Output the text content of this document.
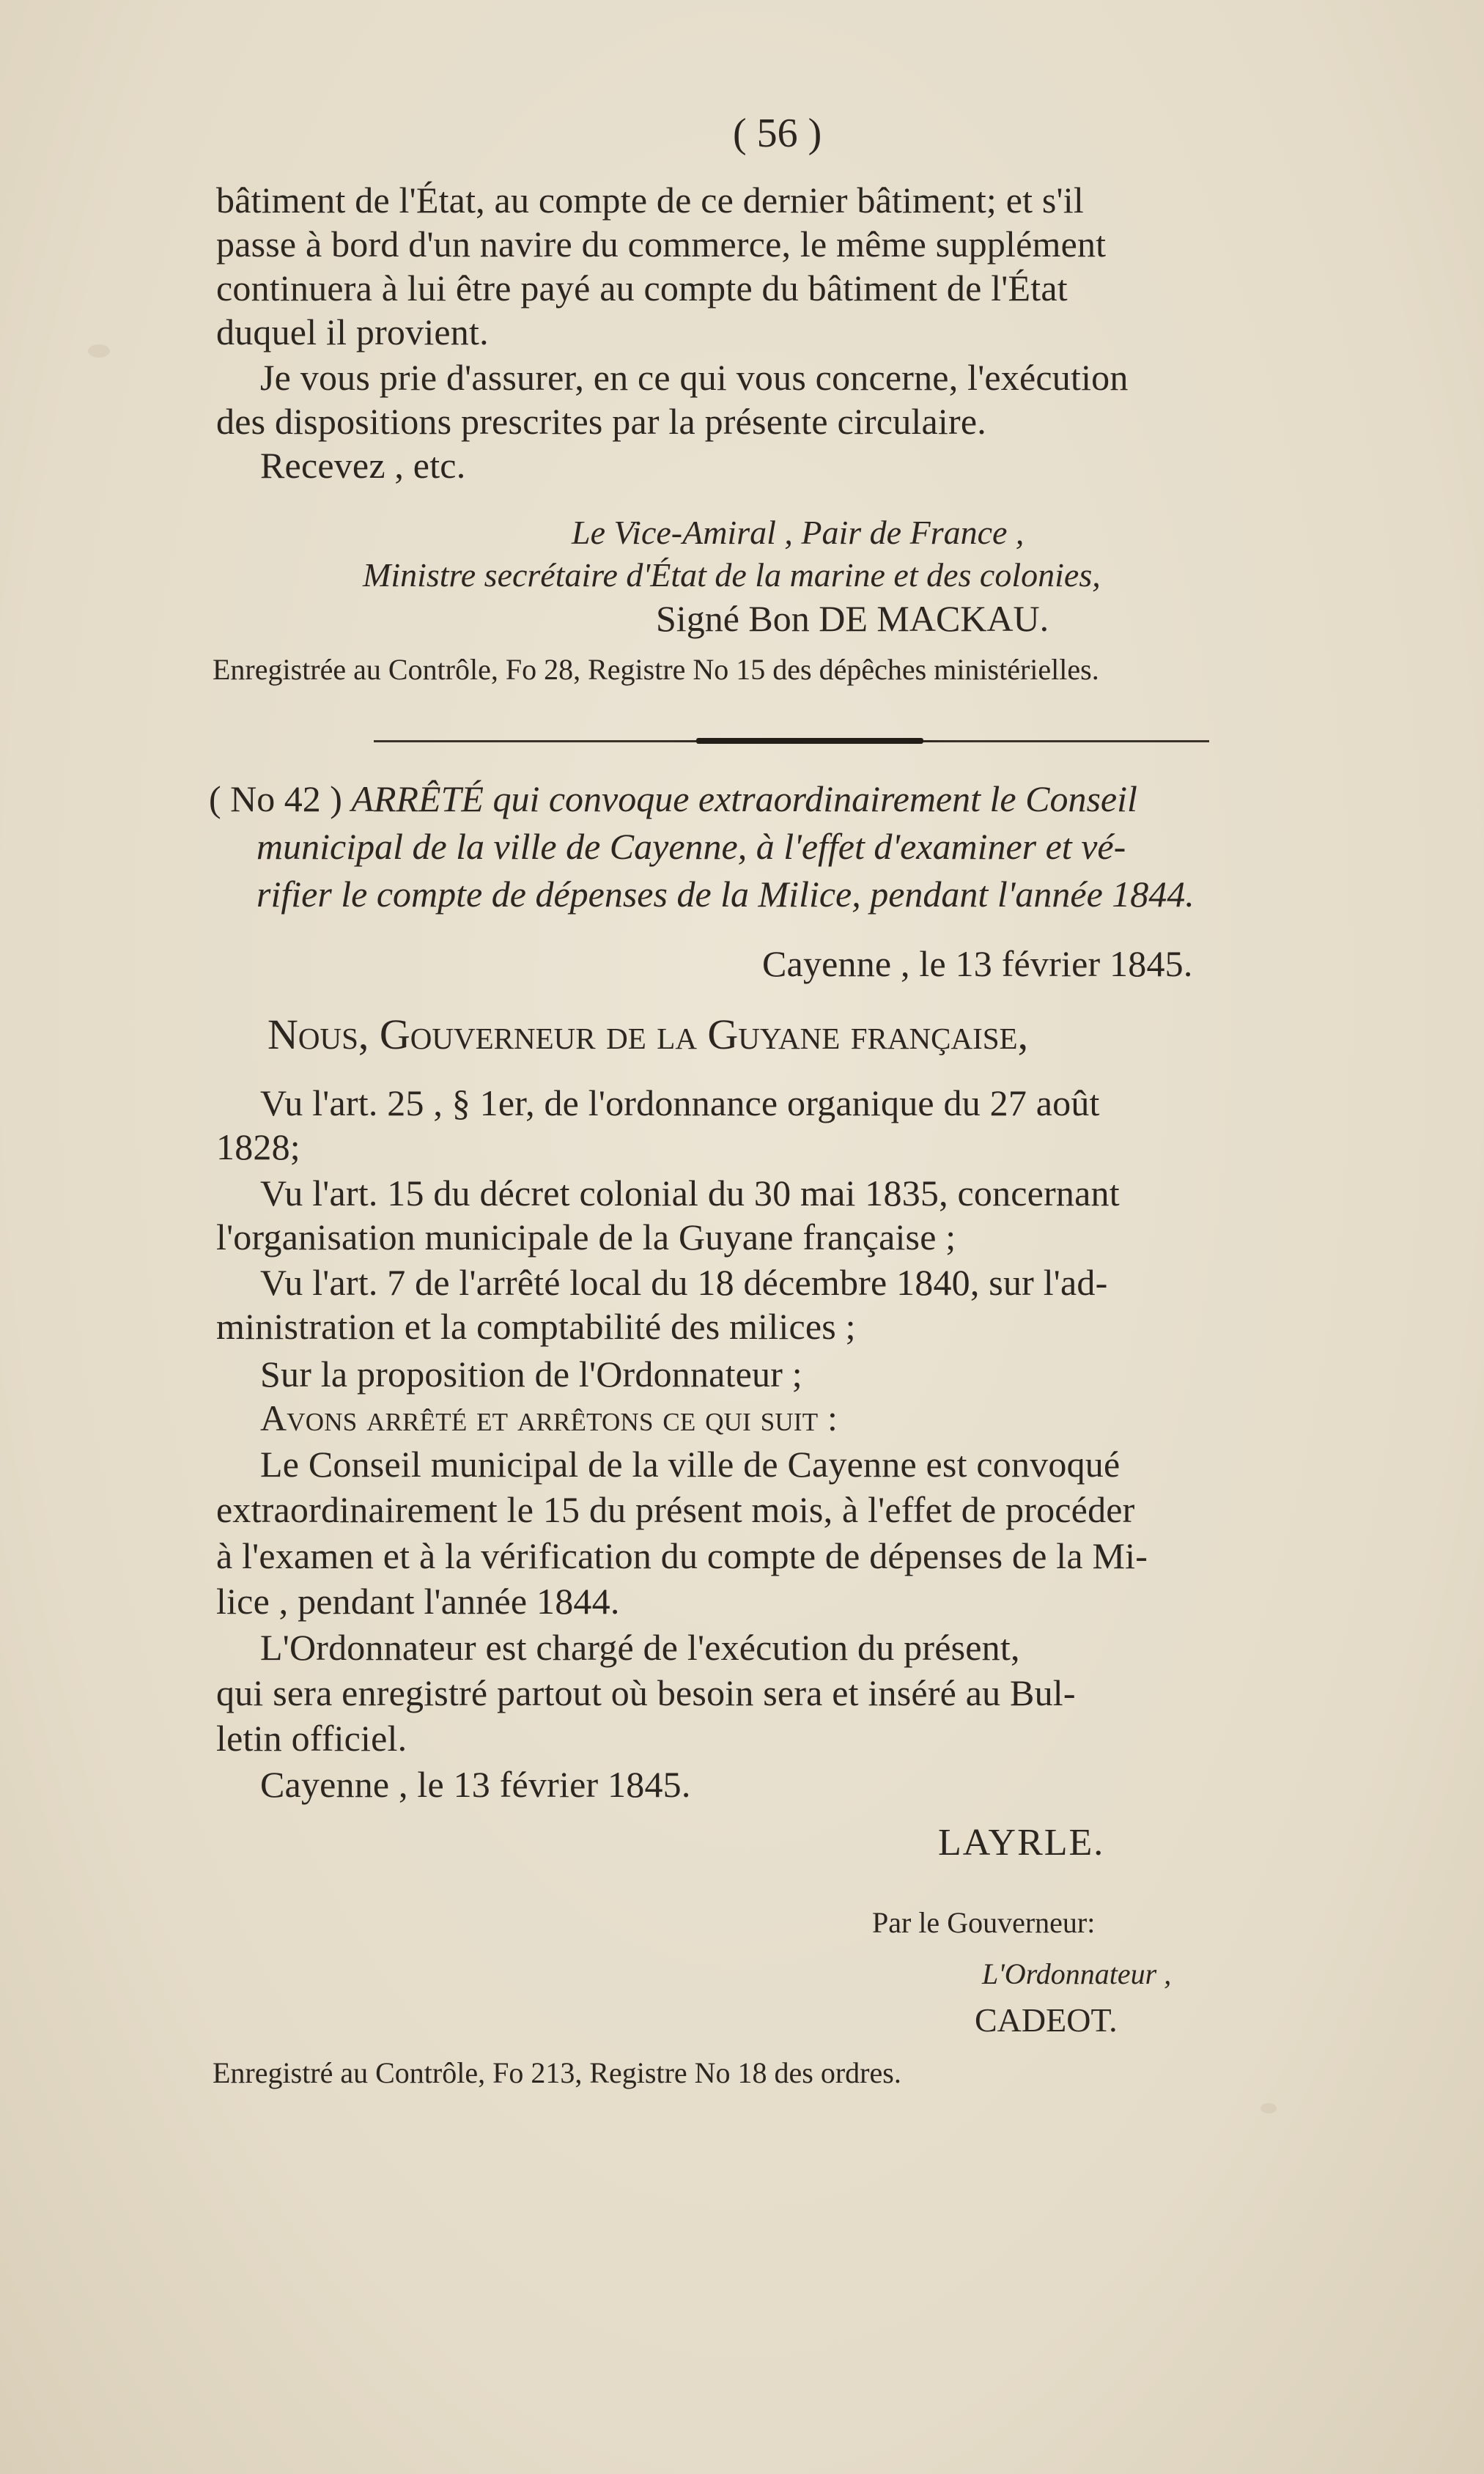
( 56 )
bâtiment de l'État, au compte de ce dernier bâtiment; et s'il
passe à bord d'un navire du commerce, le même supplément
continuera à lui être payé au compte du bâtiment de l'État
duquel il provient.
Je vous prie d'assurer, en ce qui vous concerne, l'exécution
des dispositions prescrites par la présente circulaire.
Recevez , etc.
Le Vice-Amiral , Pair de France ,
Ministre secrétaire d'État de la marine et des colonies,
Signé Bon DE MACKAU.
Enregistrée au Contrôle, Fo 28, Registre No 15 des dépêches ministérielles.
( No 42 ) ARRÊTÉ qui convoque extraordinairement le Conseil
municipal de la ville de Cayenne, à l'effet d'examiner et vé-
rifier le compte de dépenses de la Milice, pendant l'année 1844.
Cayenne , le 13 février 1845.
Nous, Gouverneur de la Guyane française,
Vu l'art. 25 , § 1er, de l'ordonnance organique du 27 août
1828;
Vu l'art. 15 du décret colonial du 30 mai 1835, concernant
l'organisation municipale de la Guyane française ;
Vu l'art. 7 de l'arrêté local du 18 décembre 1840, sur l'ad-
ministration et la comptabilité des milices ;
Sur la proposition de l'Ordonnateur ;
Avons arrêté et arrêtons ce qui suit :
Le Conseil municipal de la ville de Cayenne est convoqué
extraordinairement le 15 du présent mois, à l'effet de procéder
à l'examen et à la vérification du compte de dépenses de la Mi-
lice , pendant l'année 1844.
L'Ordonnateur est chargé de l'exécution du présent,
qui sera enregistré partout où besoin sera et inséré au Bul-
letin officiel.
Cayenne , le 13 février 1845.
LAYRLE.
Par le Gouverneur:
L'Ordonnateur ,
CADEOT.
Enregistré au Contrôle, Fo 213, Registre No 18 des ordres.
